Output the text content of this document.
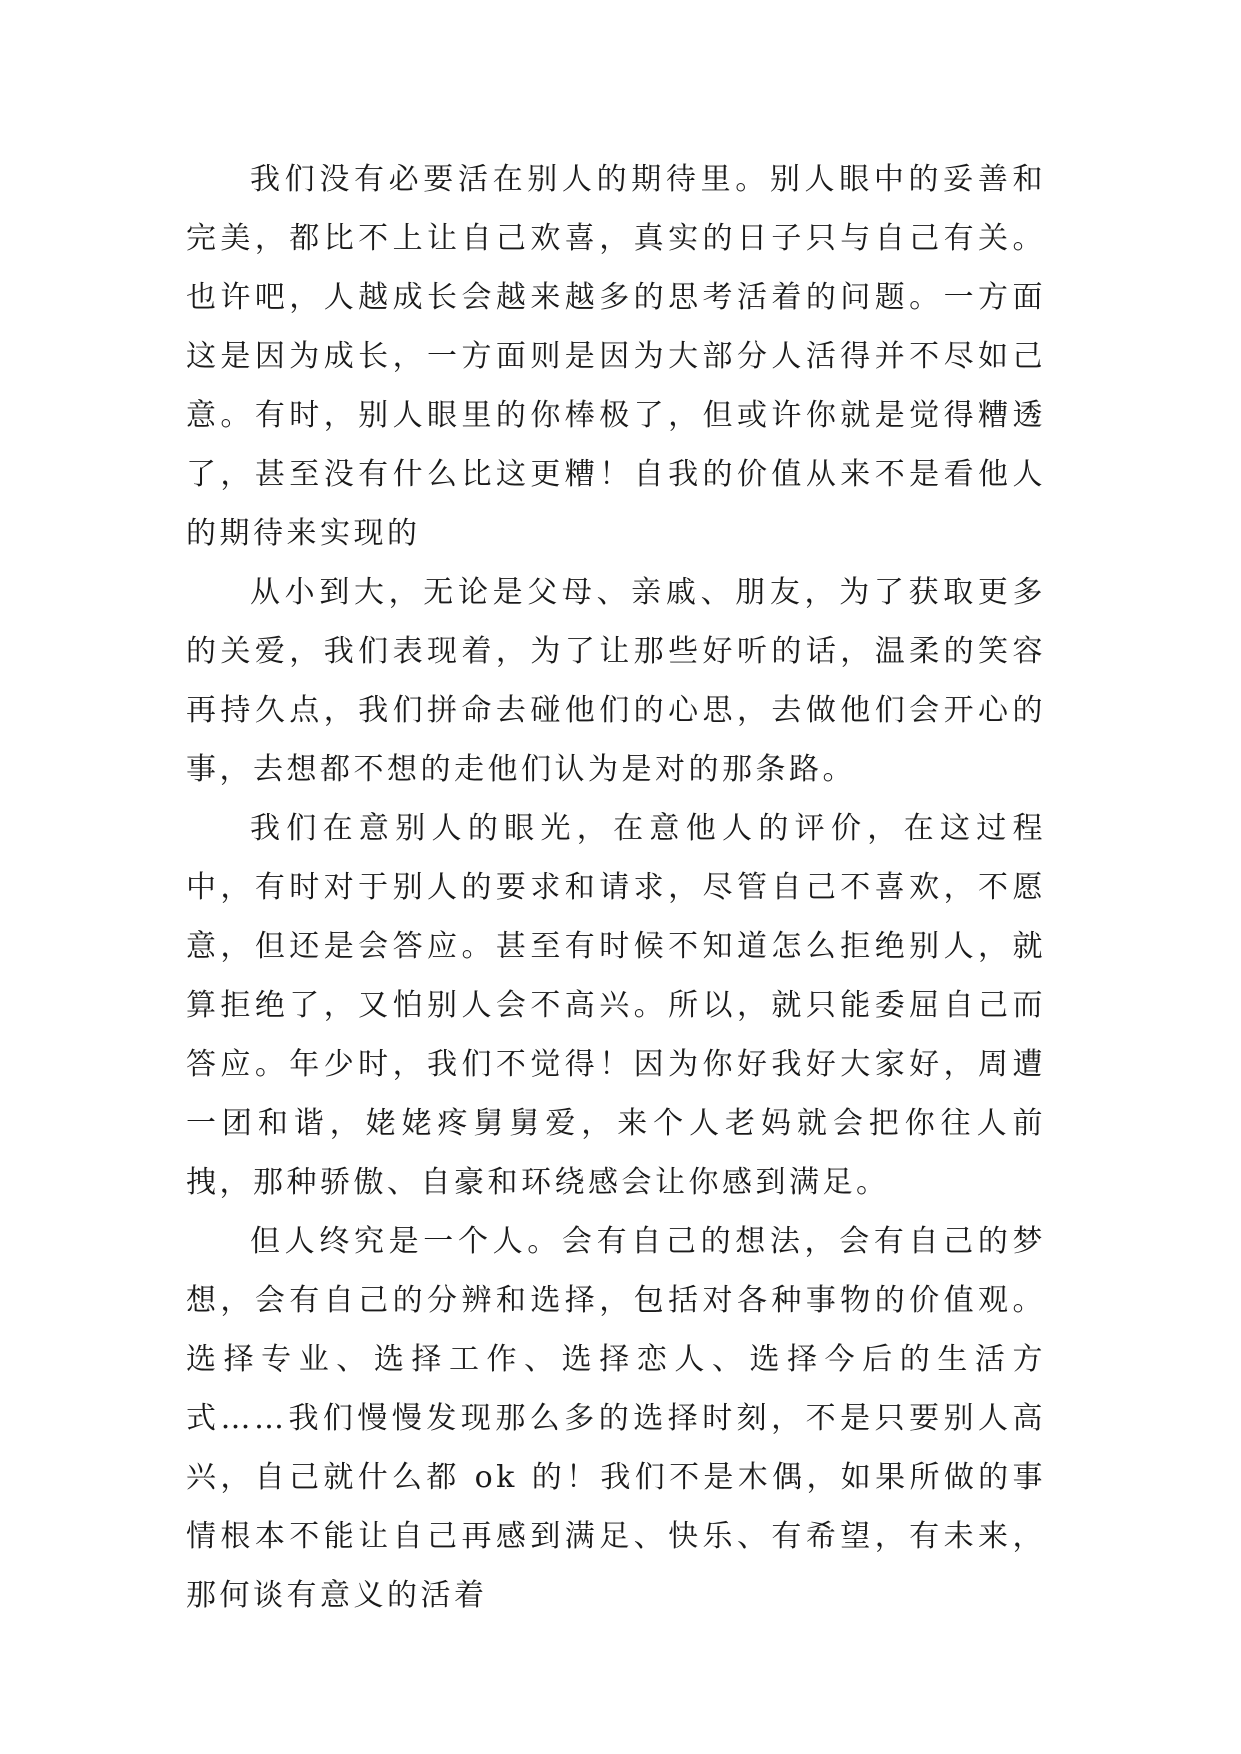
我们没有必要活在别人的期待里。别人眼中的妥善和完美，都比不上让自己欢喜，真实的日子只与自己有关。也许吧，人越成长会越来越多的思考活着的问题。一方面这是因为成长，一方面则是因为大部分人活得并不尽如己意。有时，别人眼里的你棒极了，但或许你就是觉得糟透了，甚至没有什么比这更糟！自我的价值从来不是看他人的期待来实现的

从小到大，无论是父母、亲戚、朋友，为了获取更多的关爱，我们表现着，为了让那些好听的话，温柔的笑容再持久点，我们拼命去碰他们的心思，去做他们会开心的事，去想都不想的走他们认为是对的那条路。

我们在意别人的眼光，在意他人的评价，在这过程中，有时对于别人的要求和请求，尽管自己不喜欢，不愿意，但还是会答应。甚至有时候不知道怎么拒绝别人，就算拒绝了，又怕别人会不高兴。所以，就只能委屈自己而答应。年少时，我们不觉得！因为你好我好大家好，周遭一团和谐，姥姥疼舅舅爱，来个人老妈就会把你往人前拽，那种骄傲、自豪和环绕感会让你感到满足。

但人终究是一个人。会有自己的想法，会有自己的梦想，会有自己的分辨和选择，包括对各种事物的价值观。选择专业、选择工作、选择恋人、选择今后的生活方式……我们慢慢发现那么多的选择时刻，不是只要别人高兴，自己就什么都 ok 的！我们不是木偶，如果所做的事情根本不能让自己再感到满足、快乐、有希望，有未来，那何谈有意义的活着
